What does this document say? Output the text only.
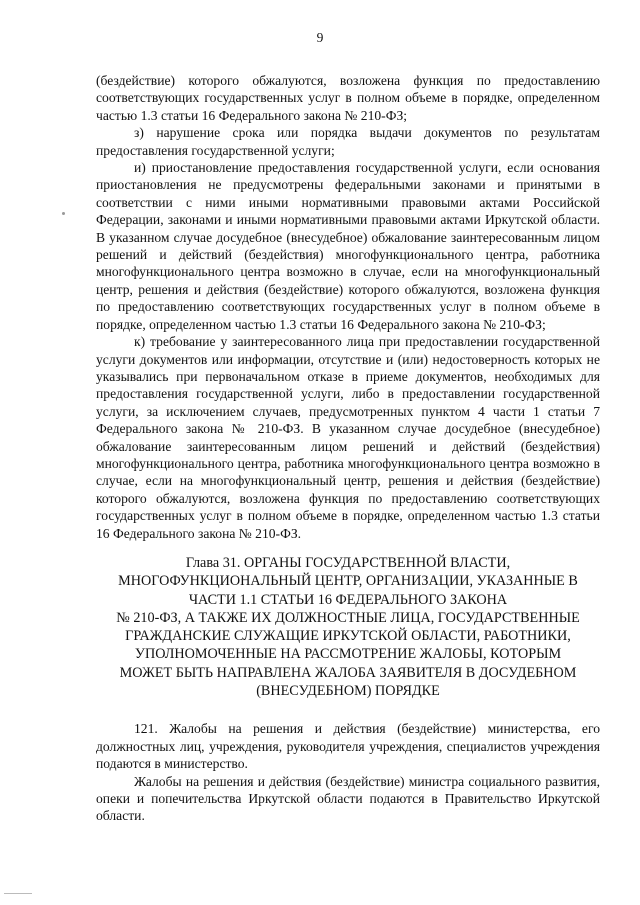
9

(бездействие) которого обжалуются, возложена функция по предоставлению соответствующих государственных услуг в полном объеме в порядке, определенном частью 1.3 статьи 16 Федерального закона № 210-ФЗ;

з) нарушение срока или порядка выдачи документов по результатам предоставления государственной услуги;

и) приостановление предоставления государственной услуги, если основания приостановления не предусмотрены федеральными законами и принятыми в соответствии с ними иными нормативными правовыми актами Российской Федерации, законами и иными нормативными правовыми актами Иркутской области. В указанном случае досудебное (внесудебное) обжалование заинтересованным лицом решений и действий (бездействия) многофункционального центра, работника многофункционального центра возможно в случае, если на многофункциональный центр, решения и действия (бездействие) которого обжалуются, возложена функция по предоставлению соответствующих государственных услуг в полном объеме в порядке, определенном частью 1.3 статьи 16 Федерального закона № 210-ФЗ;

к) требование у заинтересованного лица при предоставлении государственной услуги документов или информации, отсутствие и (или) недостоверность которых не указывались при первоначальном отказе в приеме документов, необходимых для предоставления государственной услуги, либо в предоставлении государственной услуги, за исключением случаев, предусмотренных пунктом 4 части 1 статьи 7 Федерального закона № 210-ФЗ. В указанном случае досудебное (внесудебное) обжалование заинтересованным лицом решений и действий (бездействия) многофункционального центра, работника многофункционального центра возможно в случае, если на многофункциональный центр, решения и действия (бездействие) которого обжалуются, возложена функция по предоставлению соответствующих государственных услуг в полном объеме в порядке, определенном частью 1.3 статьи 16 Федерального закона № 210-ФЗ.

Глава 31. ОРГАНЫ ГОСУДАРСТВЕННОЙ ВЛАСТИ,
МНОГОФУНКЦИОНАЛЬНЫЙ ЦЕНТР, ОРГАНИЗАЦИИ, УКАЗАННЫЕ В
ЧАСТИ 1.1 СТАТЬИ 16 ФЕДЕРАЛЬНОГО ЗАКОНА
№ 210-ФЗ, А ТАКЖЕ ИХ ДОЛЖНОСТНЫЕ ЛИЦА, ГОСУДАРСТВЕННЫЕ
ГРАЖДАНСКИЕ СЛУЖАЩИЕ ИРКУТСКОЙ ОБЛАСТИ, РАБОТНИКИ,
УПОЛНОМОЧЕННЫЕ НА РАССМОТРЕНИЕ ЖАЛОБЫ, КОТОРЫМ
МОЖЕТ БЫТЬ НАПРАВЛЕНА ЖАЛОБА ЗАЯВИТЕЛЯ В ДОСУДЕБНОМ
(ВНЕСУДЕБНОМ) ПОРЯДКЕ

121. Жалобы на решения и действия (бездействие) министерства, его должностных лиц, учреждения, руководителя учреждения, специалистов учреждения подаются в министерство.

Жалобы на решения и действия (бездействие) министра социального развития, опеки и попечительства Иркутской области подаются в Правительство Иркутской области.
